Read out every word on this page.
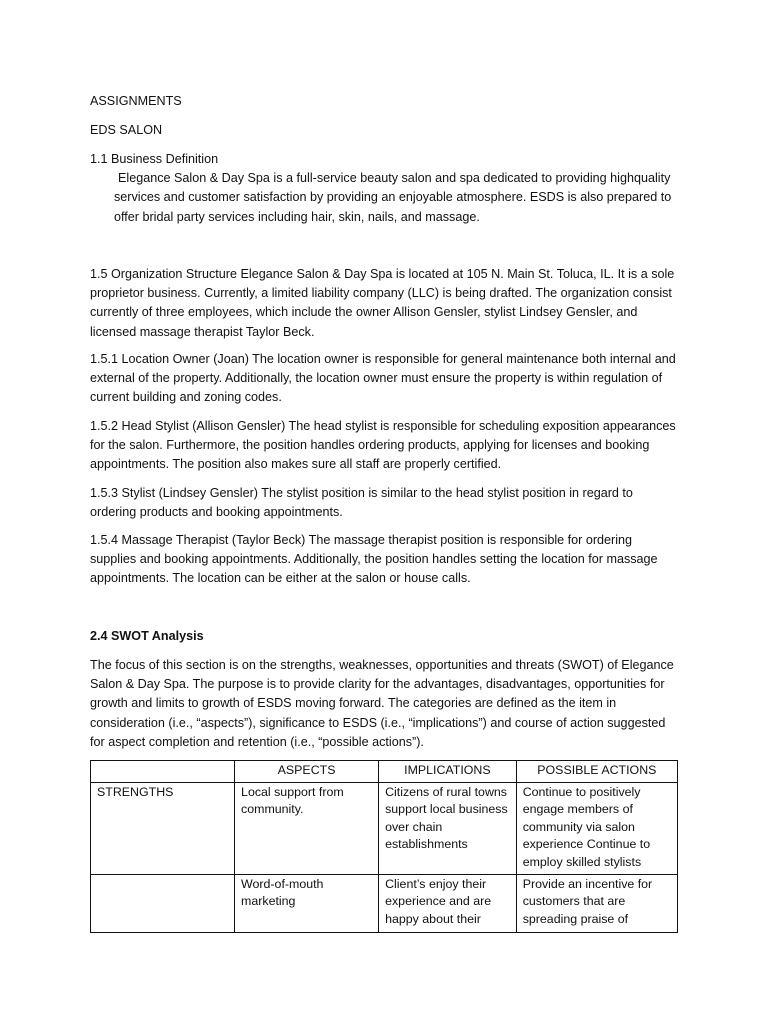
ASSIGNMENTS
EDS SALON
1.1 Business Definition
Elegance Salon & Day Spa is a full-service beauty salon and spa dedicated to providing highquality services and customer satisfaction by providing an enjoyable atmosphere. ESDS is also prepared to offer bridal party services including hair, skin, nails, and massage.
1.5 Organization Structure Elegance Salon & Day Spa is located at 105 N. Main St. Toluca, IL. It is a sole proprietor business. Currently, a limited liability company (LLC) is being drafted. The organization consist currently of three employees, which include the owner Allison Gensler, stylist Lindsey Gensler, and licensed massage therapist Taylor Beck.
1.5.1 Location Owner (Joan) The location owner is responsible for general maintenance both internal and external of the property. Additionally, the location owner must ensure the property is within regulation of current building and zoning codes.
1.5.2 Head Stylist (Allison Gensler) The head stylist is responsible for scheduling exposition appearances for the salon. Furthermore, the position handles ordering products, applying for licenses and booking appointments. The position also makes sure all staff are properly certified.
1.5.3 Stylist (Lindsey Gensler) The stylist position is similar to the head stylist position in regard to ordering products and booking appointments.
1.5.4 Massage Therapist (Taylor Beck) The massage therapist position is responsible for ordering supplies and booking appointments. Additionally, the position handles setting the location for massage appointments. The location can be either at the salon or house calls.
2.4 SWOT Analysis
The focus of this section is on the strengths, weaknesses, opportunities and threats (SWOT) of Elegance Salon & Day Spa. The purpose is to provide clarity for the advantages, disadvantages, opportunities for growth and limits to growth of ESDS moving forward. The categories are defined as the item in consideration (i.e., “aspects”), significance to ESDS (i.e., “implications”) and course of action suggested for aspect completion and retention (i.e., “possible actions”).
	ASPECTS	IMPLICATIONS	POSSIBLE ACTIONS
STRENGTHS	Local support from community.	Citizens of rural towns support local business over chain establishments	Continue to positively engage members of community via salon experience Continue to employ skilled stylists
	Word-of-mouth marketing	Client’s enjoy their experience and are happy about their	Provide an incentive for customers that are spreading praise of
